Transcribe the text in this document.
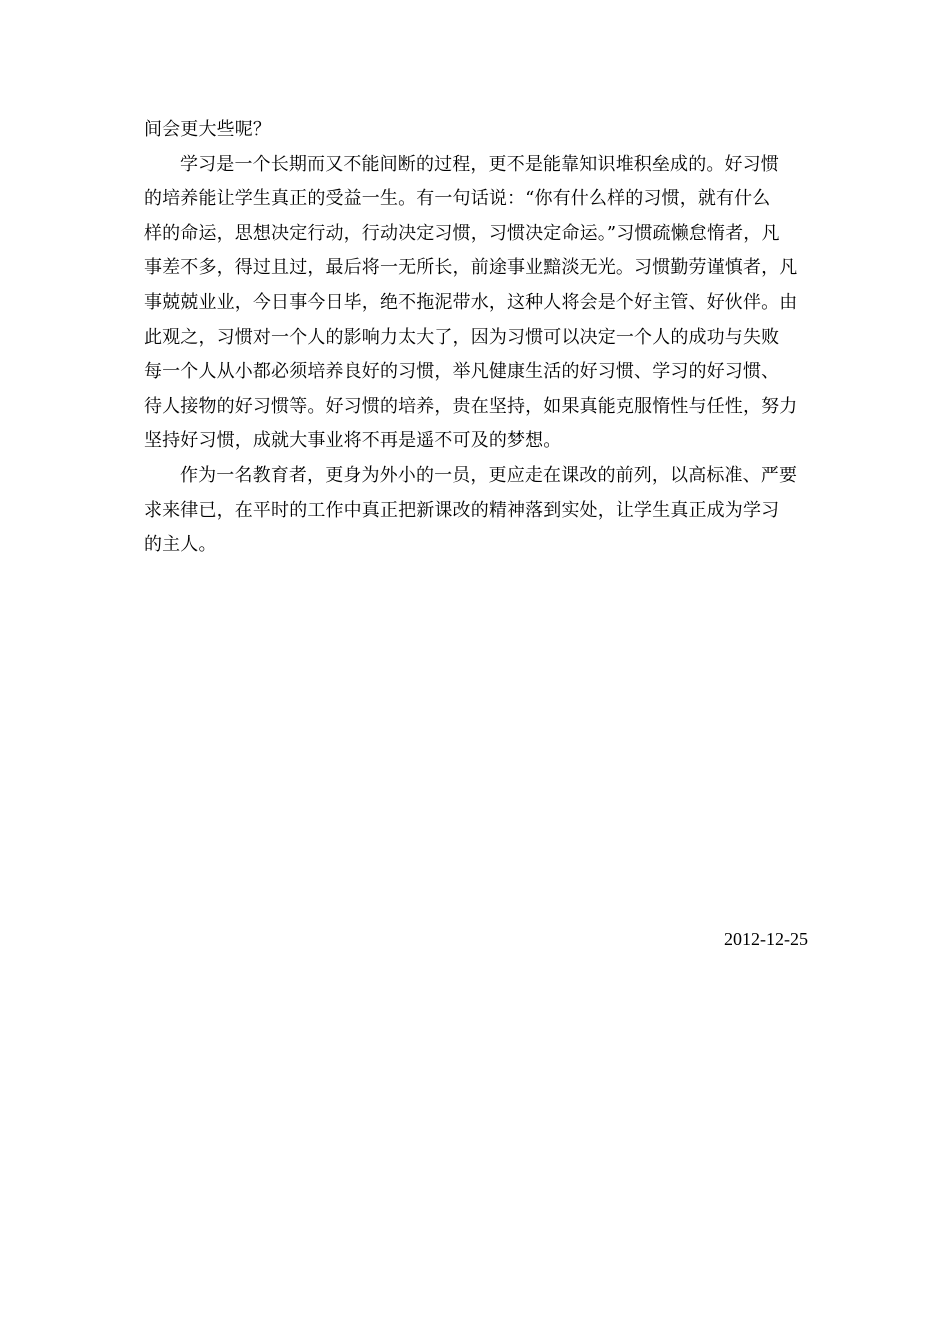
间会更大些呢？
学习是一个长期而又不能间断的过程，更不是能靠知识堆积垒成的。好习惯
的培养能让学生真正的受益一生。有一句话说：“你有什么样的习惯，就有什么
样的命运，思想决定行动，行动决定习惯，习惯决定命运。”习惯疏懒怠惰者，凡
事差不多，得过且过，最后将一无所长，前途事业黯淡无光。习惯勤劳谨慎者，凡
事兢兢业业，今日事今日毕，绝不拖泥带水，这种人将会是个好主管、好伙伴。由
此观之，习惯对一个人的影响力太大了，因为习惯可以决定一个人的成功与失败
每一个人从小都必须培养良好的习惯，举凡健康生活的好习惯、学习的好习惯、
待人接物的好习惯等。好习惯的培养，贵在坚持，如果真能克服惰性与任性，努力
坚持好习惯，成就大事业将不再是遥不可及的梦想。
作为一名教育者，更身为外小的一员，更应走在课改的前列，以高标准、严要
求来律已，在平时的工作中真正把新课改的精神落到实处，让学生真正成为学习
的主人。
2012-12-25
